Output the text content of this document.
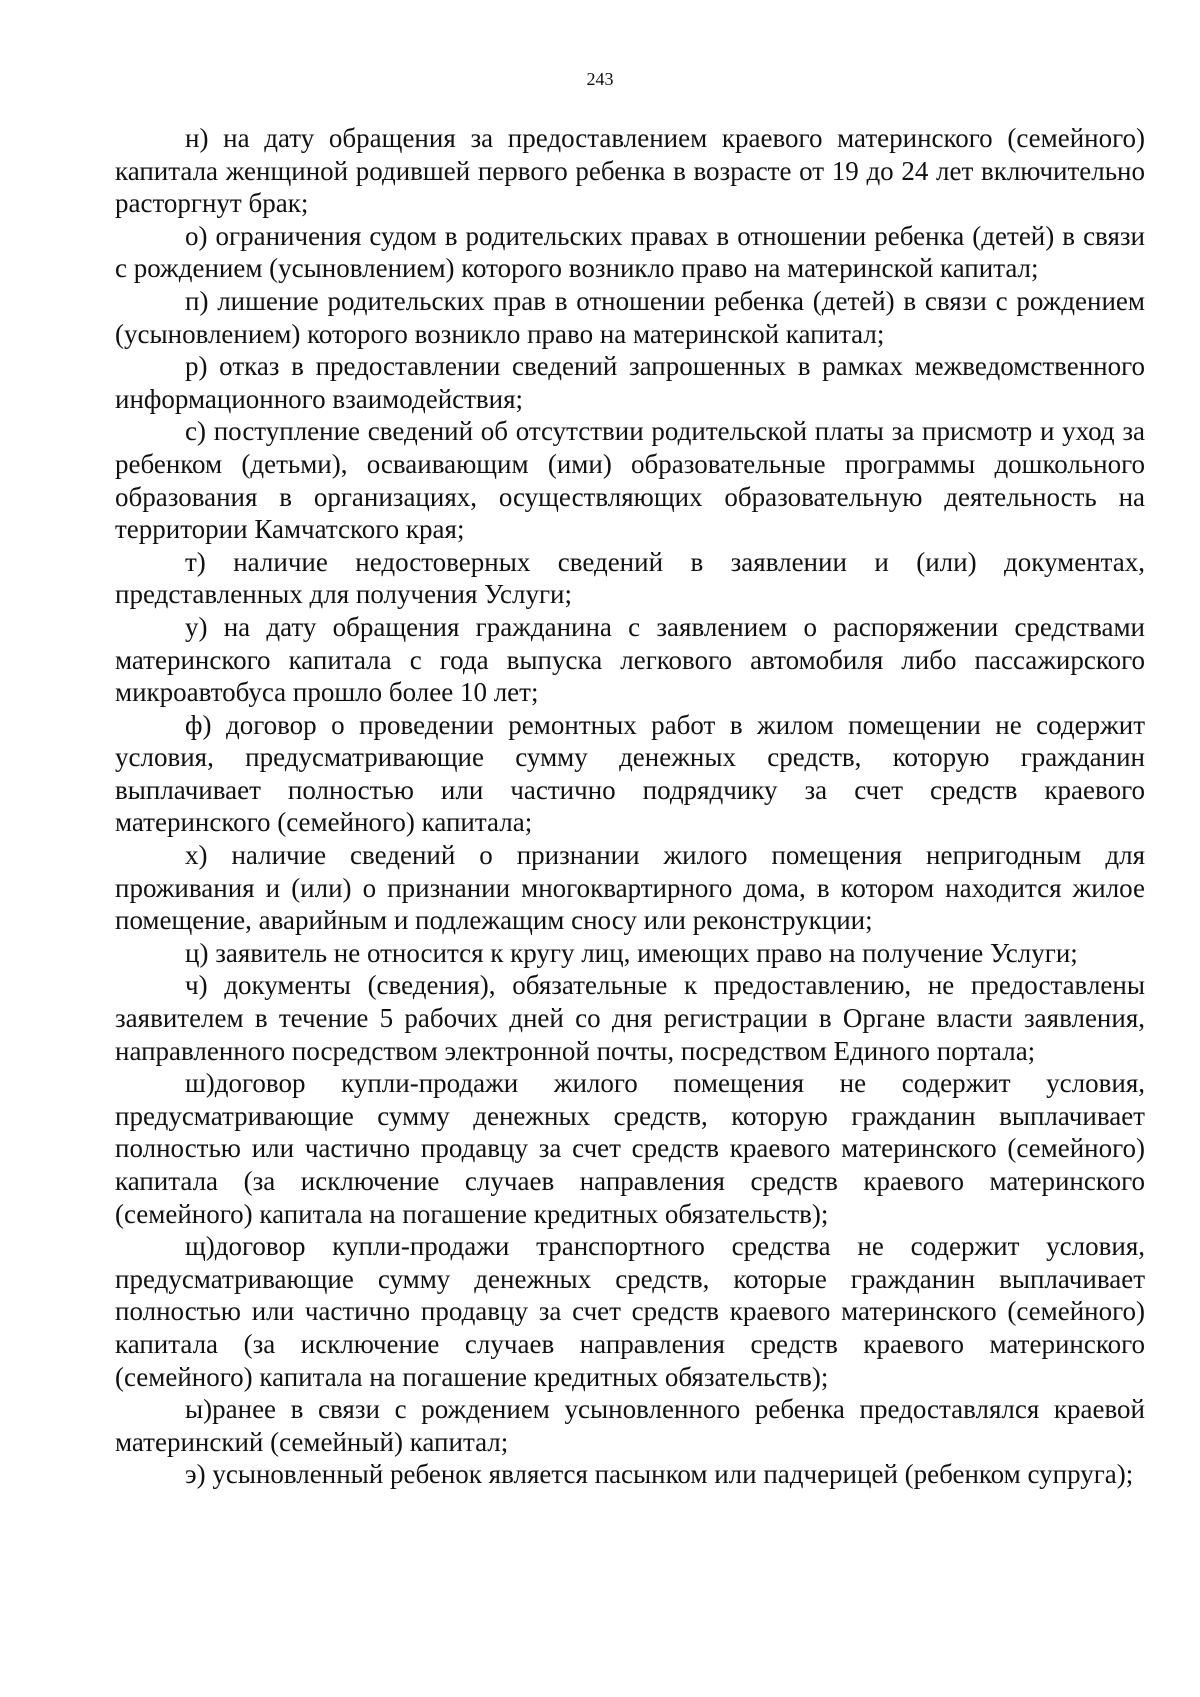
243

н) на дату обращения за предоставлением краевого материнского (семейного) капитала женщиной родившей первого ребенка в возрасте от 19 до 24 лет включительно расторгнут брак;

о) ограничения судом в родительских правах в отношении ребенка (детей) в связи с рождением (усыновлением) которого возникло право на материнской капитал;

п) лишение родительских прав в отношении ребенка (детей) в связи с рождением (усыновлением) которого возникло право на материнской капитал;

р) отказ в предоставлении сведений запрошенных в рамках межведомственного информационного взаимодействия;

с) поступление сведений об отсутствии родительской платы за присмотр и уход за ребенком (детьми), осваивающим (ими) образовательные программы дошкольного образования в организациях, осуществляющих образовательную деятельность на территории Камчатского края;

т) наличие недостоверных сведений в заявлении и (или) документах, представленных для получения Услуги;

у) на дату обращения гражданина с заявлением о распоряжении средствами материнского капитала с года выпуска легкового автомобиля либо пассажирского микроавтобуса прошло более 10 лет;

ф) договор о проведении ремонтных работ в жилом помещении не содержит условия, предусматривающие сумму денежных средств, которую гражданин выплачивает полностью или частично подрядчику за счет средств краевого материнского (семейного) капитала;

х) наличие сведений о признании жилого помещения непригодным для проживания и (или) о признании многоквартирного дома, в котором находится жилое помещение, аварийным и подлежащим сносу или реконструкции;

ц) заявитель не относится к кругу лиц, имеющих право на получение Услуги;

ч) документы (сведения), обязательные к предоставлению, не предоставлены заявителем в течение 5 рабочих дней со дня регистрации в Органе власти заявления, направленного посредством электронной почты, посредством Единого портала;

ш)договор купли-продажи жилого помещения не содержит условия, предусматривающие сумму денежных средств, которую гражданин выплачивает полностью или частично продавцу за счет средств краевого материнского (семейного) капитала (за исключение случаев направления средств краевого материнского (семейного) капитала на погашение кредитных обязательств);

щ)договор купли-продажи транспортного средства не содержит условия, предусматривающие сумму денежных средств, которые гражданин выплачивает полностью или частично продавцу за счет средств краевого материнского (семейного) капитала (за исключение случаев направления средств краевого материнского (семейного) капитала на погашение кредитных обязательств);

ы)ранее в связи с рождением усыновленного ребенка предоставлялся краевой материнский (семейный) капитал;

э) усыновленный ребенок является пасынком или падчерицей (ребенком супруга);
